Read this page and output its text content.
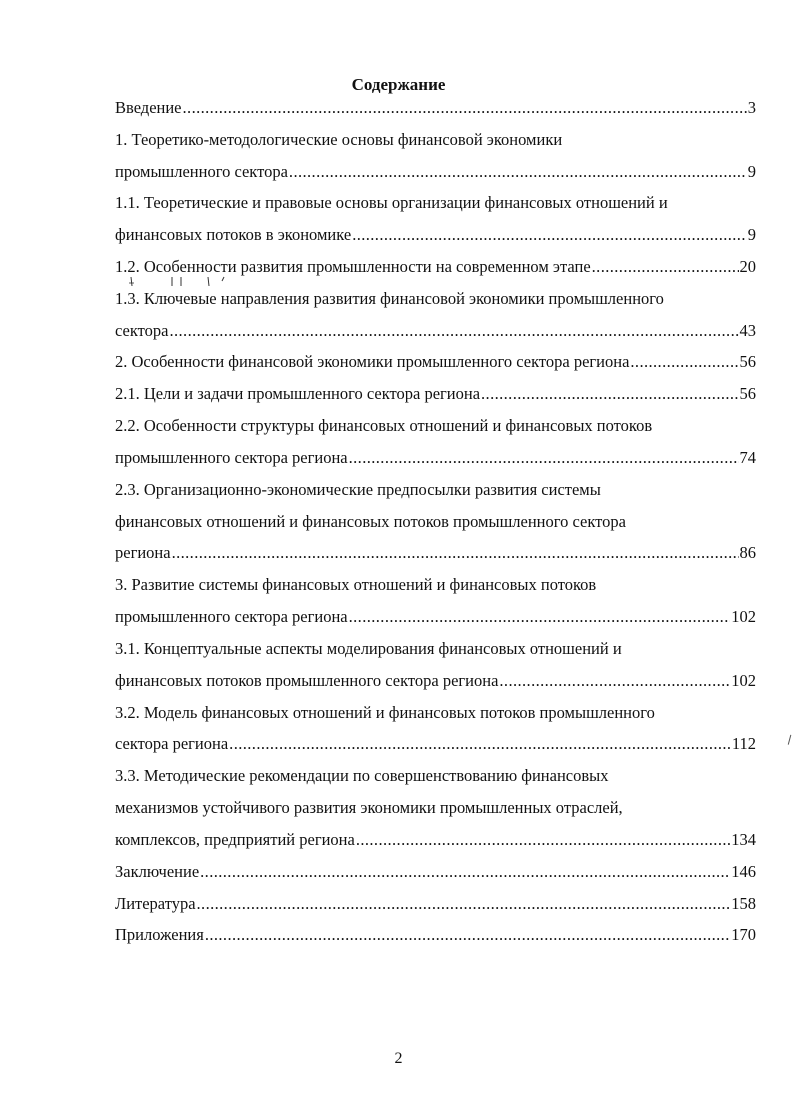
Содержание
Введение .....	3
1. Теоретико-методологические основы финансовой экономики
промышленного сектора .....	9
1.1. Теоретические и правовые основы организации финансовых отношений и
финансовых потоков в экономике .....	9
1.2. Особенности развития промышленности на современном этапе .....	20
1.3. Ключевые направления развития финансовой экономики промышленного
сектора .....	43
2. Особенности финансовой экономики промышленного сектора региона .....	56
2.1. Цели и задачи промышленного сектора региона .....	56
2.2. Особенности структуры финансовых отношений и финансовых потоков
промышленного сектора региона .....	74
2.3. Организационно-экономические предпосылки развития системы
финансовых отношений и финансовых потоков промышленного сектора
региона .....	86
3. Развитие системы финансовых отношений и финансовых потоков
промышленного сектора региона .....	102
3.1. Концептуальные аспекты моделирования финансовых отношений и
финансовых потоков промышленного сектора региона .....	102
3.2. Модель финансовых отношений и финансовых потоков промышленного
сектора региона .....	112
3.3. Методические рекомендации по совершенствованию финансовых
механизмов устойчивого развития экономики промышленных отраслей,
комплексов, предприятий региона .....	134
Заключение .....	146
Литература .....	158
Приложения .....	170
2
